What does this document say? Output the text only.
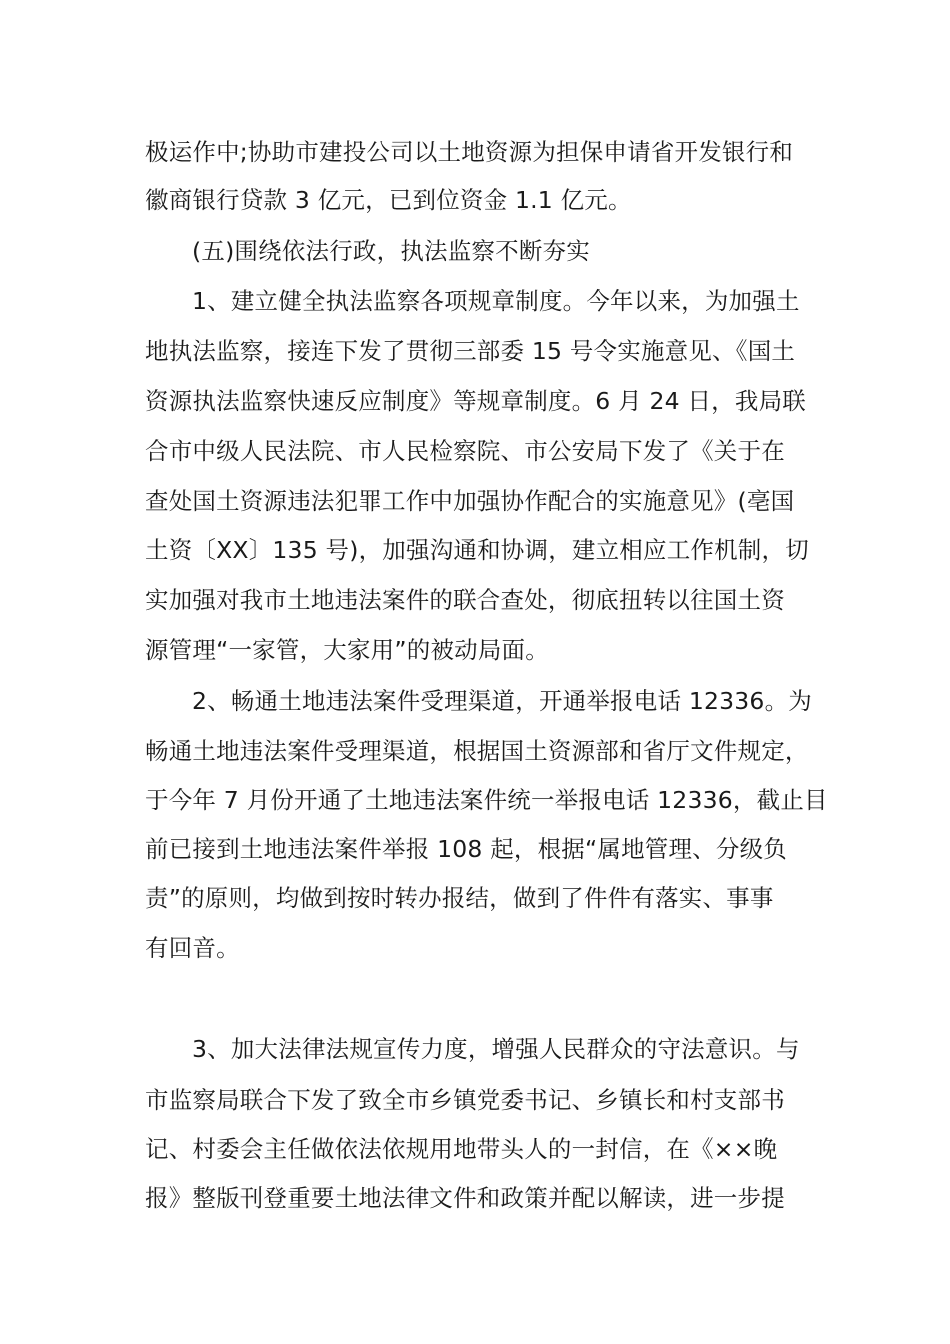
极运作中;协助市建投公司以土地资源为担保申请省开发银行和
徽商银行贷款 3 亿元，已到位资金 1.1 亿元。
(五)围绕依法行政，执法监察不断夯实
1、建立健全执法监察各项规章制度。今年以来，为加强土
地执法监察，接连下发了贯彻三部委 15 号令实施意见、《国土
资源执法监察快速反应制度》等规章制度。6 月 24 日，我局联
合市中级人民法院、市人民检察院、市公安局下发了《关于在
查处国土资源违法犯罪工作中加强协作配合的实施意见》(亳国
土资〔XX〕135 号)，加强沟通和协调，建立相应工作机制，切
实加强对我市土地违法案件的联合查处，彻底扭转以往国土资
源管理“一家管，大家用”的被动局面。
2、畅通土地违法案件受理渠道，开通举报电话 12336。为
畅通土地违法案件受理渠道，根据国土资源部和省厅文件规定，
于今年 7 月份开通了土地违法案件统一举报电话 12336，截止目
前已接到土地违法案件举报 108 起，根据“属地管理、分级负
责”的原则，均做到按时转办报结，做到了件件有落实、事事
有回音。
3、加大法律法规宣传力度，增强人民群众的守法意识。与
市监察局联合下发了致全市乡镇党委书记、乡镇长和村支部书
记、村委会主任做依法依规用地带头人的一封信，在《××晚
报》整版刊登重要土地法律文件和政策并配以解读，进一步提
